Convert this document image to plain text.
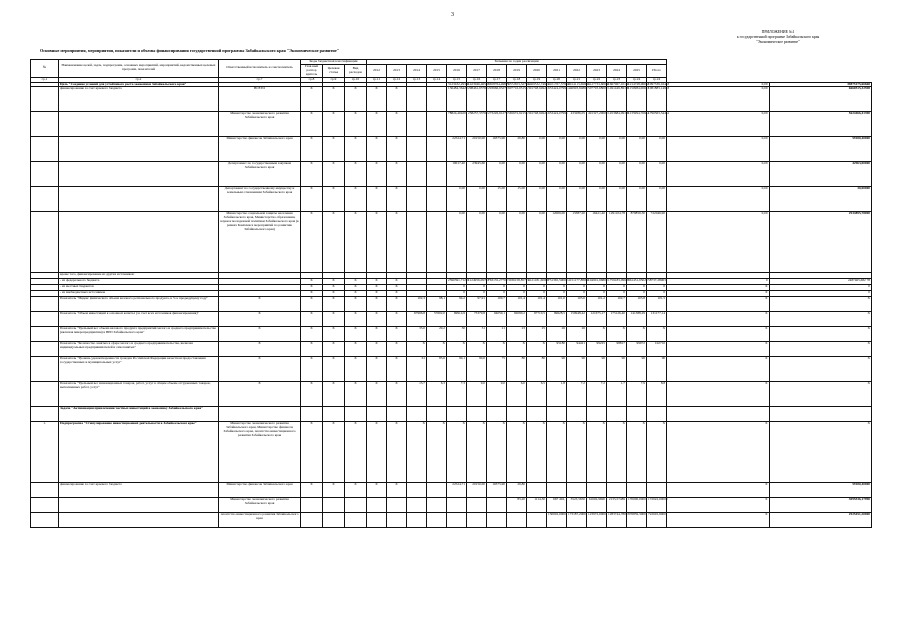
3
ПРИЛОЖЕНИЕ №1
к государственной программе Забайкальского края
"Экономическое развитие"
Основные мероприятия, мероприятия, показатели и объемы финансирования государственной программы Забайкальского края "Экономическое развитие"
№	Наименование целей, задач, подпрограмм, основных мероприятий, мероприятий, ведомственных целевых программ, показателей	Ответственный исполнитель и соисполнитель	Коды бюджетной классификации			Значения по годам реализации																
			Глав ный распор ядитель	Целевая статья	Вид расходов	2012	2013	2014	2015	2016	2017	2018	2019	2020	2021	2022	2023	2024	2025	Итого		

гр.1	гр.2	гр.7	гр.8	гр.9	гр.10	гр.11	гр.12	гр.13	гр.14	гр.15	гр.16	гр.17	гр.18	гр.19	гр.20	гр.21	гр.22	гр.23	гр.24	гр.24		
	Цель "Создание условий для устойчивого роста экономики Забайкальского края"									3123432,29380	1423946,46565	3658764,49879	3372653,32704	4469532,74924	4101767,57994	4914113,69960	4127733,60660	1667067,10130	1214728,96063	1097339,16443	0,00	39875175,66668
	финансирование за счет краевого бюджета	ВСЕГО	Х	Х	Х	Х	Х			136484,36420	298461,93760	293666,93270	607716,95153	391748,94924	653424,07994	446993,84860	507793,68000	1491449,89190	1150984,06043	1081883,14943	0,00	6660515,32598
		Министерство экономического развития Забайкальского края	Х	Х	Х	Х	Х			78824,40420	258257,33760	273226,91270	565672,92153	391748,94924	653424,07994	433286,05	491327,20000	1453684,09190	1135994,76942	1790363,34461	0,00	5624466,41390
		Министерство финансов Забайкальского края	Х	Х	Х	Х	Х			22524,71	20150,00	16375,90	29,80	0,00	0,00	0,00	0,00	0,00	0,00	0,00	0,00	59180,40000
		Департамент по государственным закупкам Забайкальского края	Х	Х	Х	Х	Х			19017,40	23945,60	0,00	0,00	0,00	0,00	0,00	0,00	0,00	0,00	0,00	0,00	42963,00000
		Департамент по государственному имуществу и земельным отношениям Забайкальского края	Х	Х	Х	Х	Х			0,00	0,00	15,00	15,00	0,00	0,00	0,00	0,00	0,00	0,00	0,00	0,00	30,00000
		Министерство социальной защиты населения Забайкальского края, Министерство образования, науки и молодежной политики Забайкальского края (в рамках Комплекса мероприятий по развитию Забайкальского края)	Х	Х	Х	Х	Х			0,00	0,00	0,00	0,00	0,00	12006,00	13387,20	16421,40	1291104,78	879859,30	722046,90	0,00	2934895,78000
	кроме того, финансирование из других источников:																					
	- из федерального бюджета		Х	Х	Х	Х	Х			2590391,71210	1124956,09763	763135,27700	3036158,85715	4121181,60000	731365,59000	4151177,88060	104901,96800	1759183,09620	361451,95020	58737,28963	0	2487465,682 78
	- из местных бюджетов		Х	Х	Х	Х	Х			0	0	0	0	0	0	0	0	0	0	0	Х	0
	- из внебюджетных источников		Х	Х	Х	Х	Х			0	0	0	0	0	0	0	0	0	0	0	Х	0
	Показатель "Индекс физического объема валового регионального продукта, в % к предыдущему году"	Х	Х	Х	Х	Х	Х	102,3	98,1	94,2	97,91	100,7	101,4	101,4	101,0	103,0	101,2	102,7	103,8	101,5	Х	Х
	Показатель "Объем инвестиций в основной капитал (за счет всех источников финансирования)"	Х	Х	Х	Х	Х	Х	67996,8	57602,0	69914,9	73379,8	94059,1	92090,2	97710,5	99628,5	159948,42	121675,17	175126,40	141388,29	131177,14	Х	Х
	Показатель "Удельный вес объема валового продукта предприятий малого и среднего предпринимательства (включая микропредприятия) в ВРП Забайкальского края"	Х	Х	Х	Х	Х	Х	33,0	29,2	30	31	21	23	25	26	26	Х	Х	Х	Х	Х	Х
	Показатель "Количество занятых в сфере малого и среднего предпринимательства, включая индивидуальных предпринимателей и самозанятых"	Х	Х	Х	Х	Х	Х	Х	Х	Х	Х	Х	Х	Х	95180	94421	99225	98817	99972	102710	Х	Х
	Показатель "Уровень удовлетворенности граждан Российской Федерации качеством предоставления государственных и муниципальных услуг"	Х	Х	Х	Х	Х	Х	61	85,6	90,1	90,6	75	80	80	90	90	90	90	90	90	Х	Х
	Показатель "Удельный вес инновационных товаров, работ, услуг в общем объеме отгруженных товаров, выполненных работ, услуг"	Х	Х	Х	Х	Х	Х	13,7	6,3	7,3	9,0	9,0	6,0	6,5	1,8	7,2	7,2	1,7	7,9	8,8	Х	Х
	Задача "Активизация привлечения частных инвестиций в экономику Забайкальского края"																					
1.	Подпрограмма "Стимулирование инвестиционной деятельности в Забайкальском крае"	Министерство экономического развития Забайкальского края, Министерство финансов Забайкальского края, Агентство инвестиционного развития Забайкальского края	Х	Х	Х	Х	Х	Х	Х	Х	Х	Х	Х	Х	Х	Х	Х	Х	Х	Х	Х	Х
	финансирование за счет краевого бюджета	Министерство финансов Забайкальского края	Х	Х	Х	Х	Х			22524,71	20150,00	16375,90	29,80								Х	59180,40000
		Министерство экономического развития Забайкальского края											83,20	1114,30	667 492,	3523,5650	61602,9690	2135,57489	170000,0000	172022,00000	Х	3095536,17990
		Агентство инвестиционного развития Забайкальского края													130002,0000	173187,2000	123972,0000	1283744,7800	876859,3000	722045,9000	Х	2925451,20000
